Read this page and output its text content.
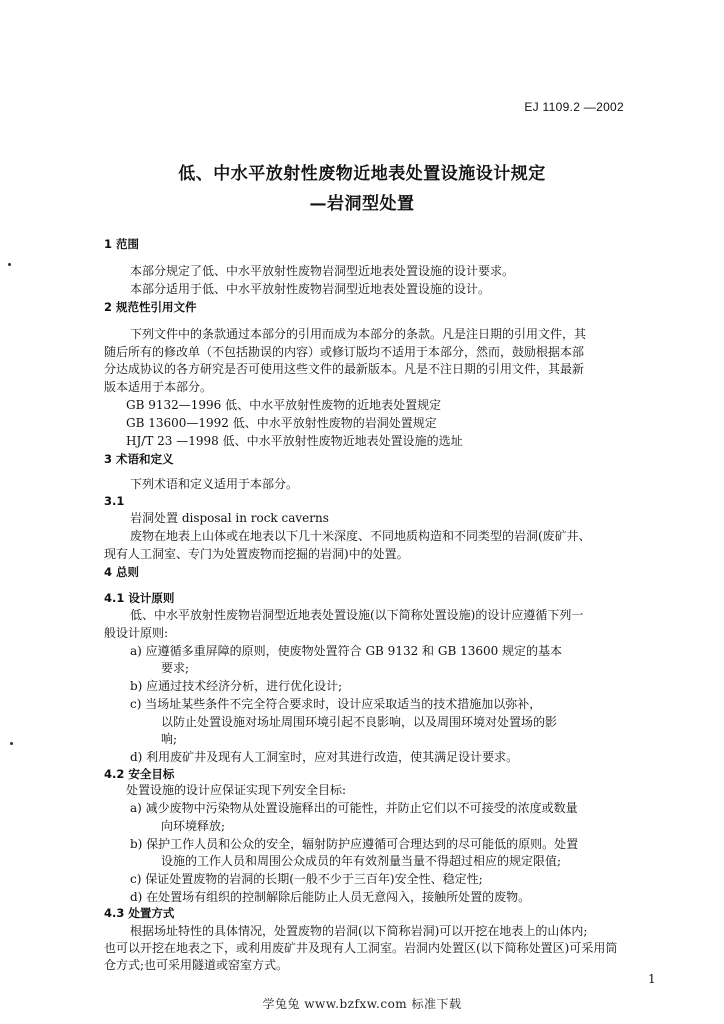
EJ 1109.2 —2002
低、中水平放射性废物近地表处置设施设计规定
—岩洞型处置
1 范围
本部分规定了低、中水平放射性废物岩洞型近地表处置设施的设计要求。
本部分适用于低、中水平放射性废物岩洞型近地表处置设施的设计。
2 规范性引用文件
下列文件中的条款通过本部分的引用而成为本部分的条款。凡是注日期的引用文件，其
随后所有的修改单（不包括勘误的内容）或修订版均不适用于本部分，然而，鼓励根据本部
分达成协议的各方研究是否可使用这些文件的最新版本。凡是不注日期的引用文件，其最新
版本适用于本部分。
GB 9132—1996 低、中水平放射性废物的近地表处置规定
GB 13600—1992 低、中水平放射性废物的岩洞处置规定
HJ/T 23 —1998 低、中水平放射性废物近地表处置设施的选址
3 术语和定义
下列术语和定义适用于本部分。
3.1
岩洞处置 disposal in rock caverns
废物在地表上山体或在地表以下几十米深度、不同地质构造和不同类型的岩洞(废矿井、
现有人工洞室、专门为处置废物而挖掘的岩洞)中的处置。
4 总则
4.1 设计原则
低、中水平放射性废物岩洞型近地表处置设施(以下简称处置设施)的设计应遵循下列一
般设计原则:
a) 应遵循多重屏障的原则，使废物处置符合 GB 9132 和 GB 13600 规定的基本
要求;
b) 应通过技术经济分析，进行优化设计;
c) 当场址某些条件不完全符合要求时，设计应采取适当的技术措施加以弥补，
以防止处置设施对场址周围环境引起不良影响，以及周围环境对处置场的影
响;
d) 利用废矿井及现有人工洞室时，应对其进行改造，使其满足设计要求。
4.2 安全目标
处置设施的设计应保证实现下列安全目标:
a) 减少废物中污染物从处置设施释出的可能性，并防止它们以不可接受的浓度或数量
向环境释放;
b) 保护工作人员和公众的安全，辐射防护应遵循可合理达到的尽可能低的原则。处置
设施的工作人员和周围公众成员的年有效剂量当量不得超过相应的规定限值;
c) 保证处置废物的岩洞的长期(一般不少于三百年)安全性、稳定性;
d) 在处置场有组织的控制解除后能防止人员无意闯入，接触所处置的废物。
4.3 处置方式
根据场址特性的具体情况，处置废物的岩洞(以下简称岩洞)可以开挖在地表上的山体内;
也可以开挖在地表之下，或利用废矿井及现有人工洞室。岩洞内处置区(以下简称处置区)可采用筒
仓方式;也可采用隧道或窑室方式。
1
学兔兔 www.bzfxw.com 标准下载
